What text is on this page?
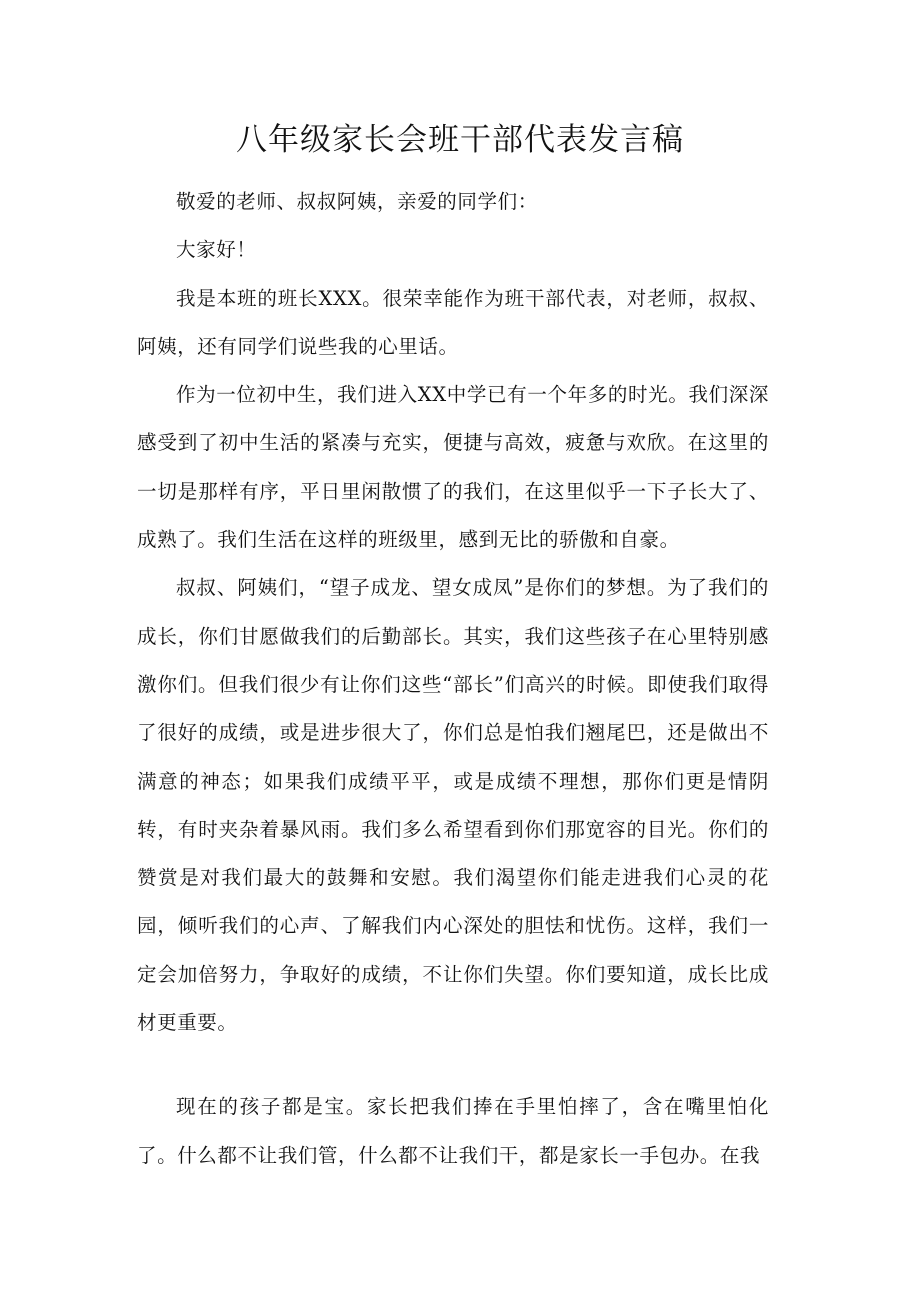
八年级家长会班干部代表发言稿

敬爱的老师、叔叔阿姨，亲爱的同学们：

大家好！

我是本班的班长XXX。很荣幸能作为班干部代表，对老师，叔叔、阿姨，还有同学们说些我的心里话。

作为一位初中生，我们进入XX中学已有一个年多的时光。我们深深感受到了初中生活的紧凑与充实，便捷与高效，疲惫与欢欣。在这里的一切是那样有序，平日里闲散惯了的我们，在这里似乎一下子长大了、成熟了。我们生活在这样的班级里，感到无比的骄傲和自豪。

叔叔、阿姨们，“望子成龙、望女成凤”是你们的梦想。为了我们的成长，你们甘愿做我们的后勤部长。其实，我们这些孩子在心里特别感激你们。但我们很少有让你们这些“部长”们高兴的时候。即使我们取得了很好的成绩，或是进步很大了，你们总是怕我们翘尾巴，还是做出不满意的神态；如果我们成绩平平，或是成绩不理想，那你们更是情阴转，有时夹杂着暴风雨。我们多么希望看到你们那宽容的目光。你们的赞赏是对我们最大的鼓舞和安慰。我们渴望你们能走进我们心灵的花园，倾听我们的心声、了解我们内心深处的胆怯和忧伤。这样，我们一定会加倍努力，争取好的成绩，不让你们失望。你们要知道，成长比成材更重要。

现在的孩子都是宝。家长把我们捧在手里怕摔了，含在嘴里怕化了。什么都不让我们管，什么都不让我们干，都是家长一手包办。在我
